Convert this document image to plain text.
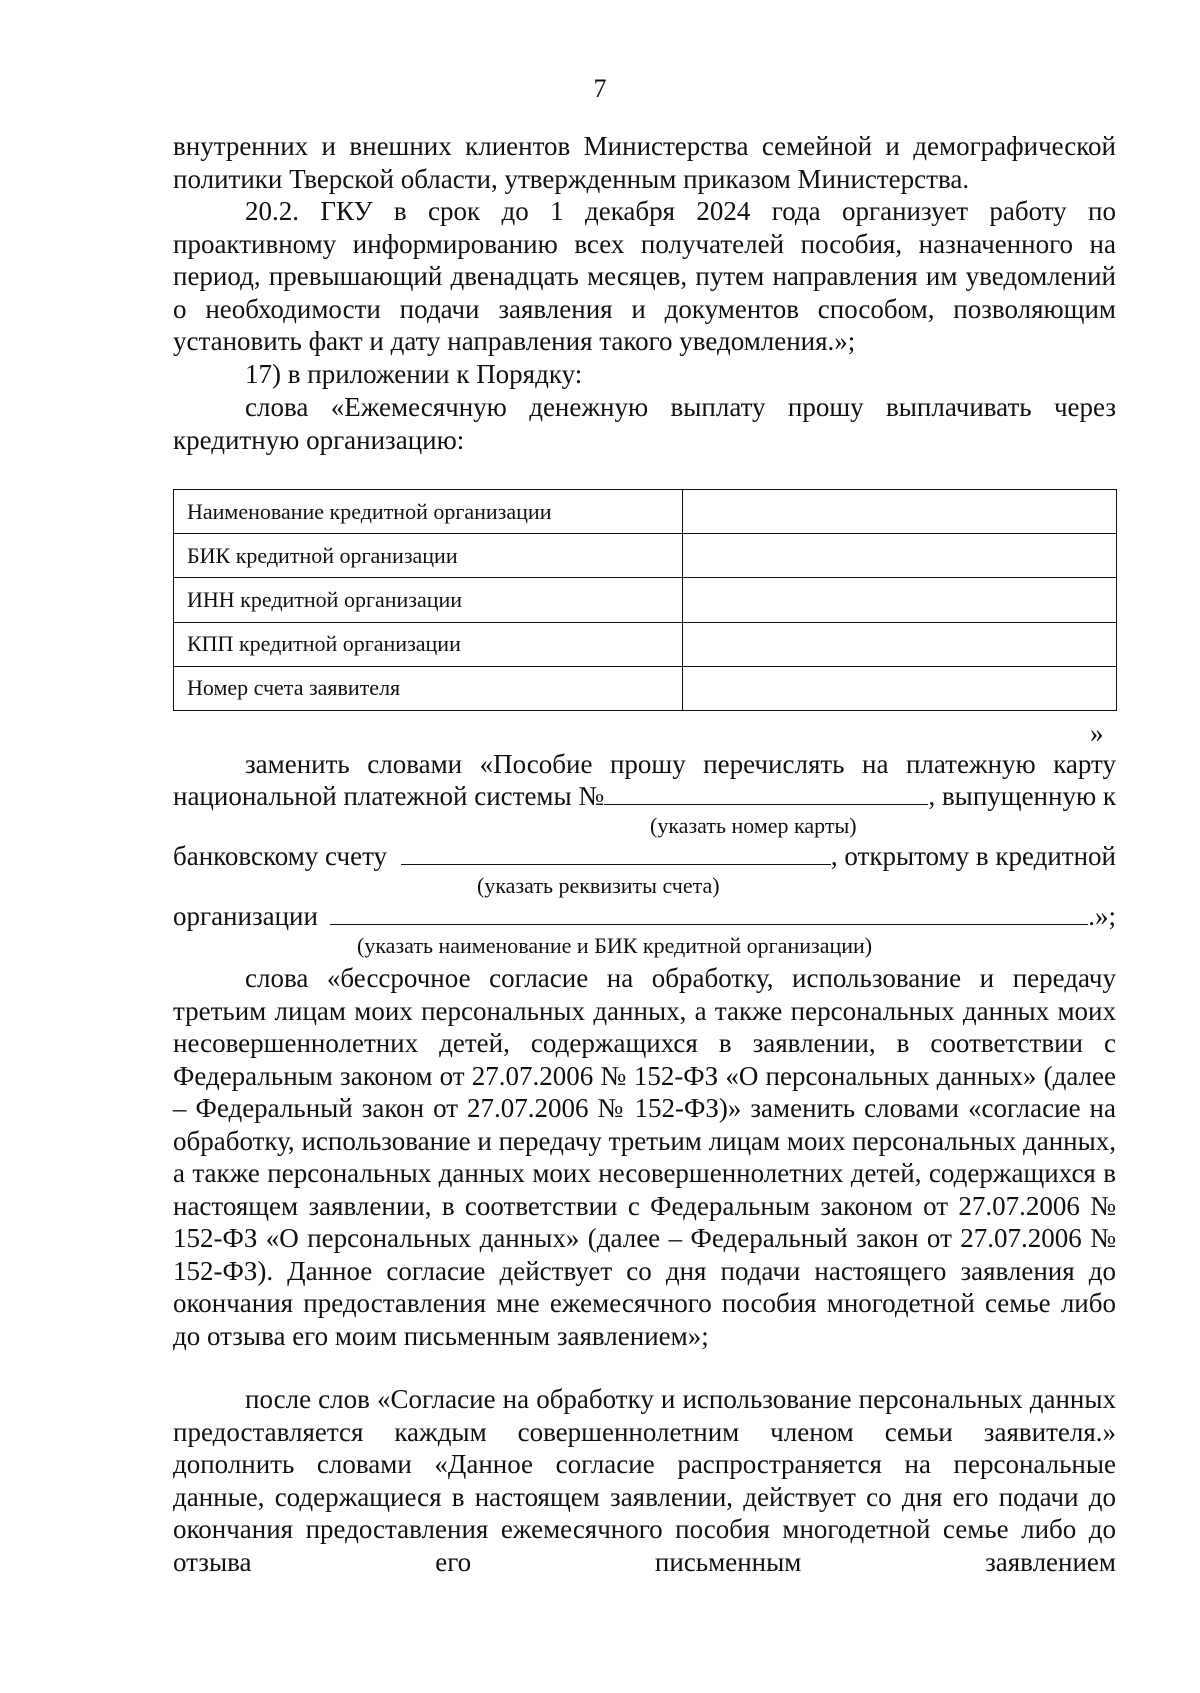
7

внутренних и внешних клиентов Министерства семейной и демографической политики Тверской области, утвержденным приказом Министерства.

20.2. ГКУ в срок до 1 декабря 2024 года организует работу по проактивному информированию всех получателей пособия, назначенного на период, превышающий двенадцать месяцев, путем направления им уведомлений о необходимости подачи заявления и документов способом, позволяющим установить факт и дату направления такого уведомления.»;

17) в приложении к Порядку:

слова «Ежемесячную денежную выплату прошу выплачивать через кредитную организацию:

Наименование кредитной организации	
БИК кредитной организации	
ИНН кредитной организации	
КПП кредитной организации	
Номер счета заявителя	
»

заменить словами «Пособие прошу перечислять на платежную карту

национальной платежной системы №	, выпущенную к
(указать номер карты)
банковскому счету	, открытому в кредитной
(указать реквизиты счета)
организации	.»;
(указать наименование и БИК кредитной организации)

слова «бессрочное согласие на обработку, использование и передачу третьим лицам моих персональных данных, а также персональных данных моих несовершеннолетних детей, содержащихся в заявлении, в соответствии с Федеральным законом от 27.07.2006 № 152-ФЗ «О персональных данных» (далее – Федеральный закон от 27.07.2006 № 152-ФЗ)» заменить словами «согласие на обработку, использование и передачу третьим лицам моих персональных данных, а также персональных данных моих несовершеннолетних детей, содержащихся в настоящем заявлении, в соответствии с Федеральным законом от 27.07.2006 № 152-ФЗ «О персональных данных» (далее – Федеральный закон от 27.07.2006 № 152-ФЗ). Данное согласие действует со дня подачи настоящего заявления до окончания предоставления мне ежемесячного пособия многодетной семье либо до отзыва его моим письменным заявлением»;

после слов «Согласие на обработку и использование персональных данных предоставляется каждым совершеннолетним членом семьи заявителя.» дополнить словами «Данное согласие распространяется на персональные данные, содержащиеся в настоящем заявлении, действует со дня его подачи до окончания предоставления ежемесячного пособия многодетной семье либо до отзыва его письменным заявлением
